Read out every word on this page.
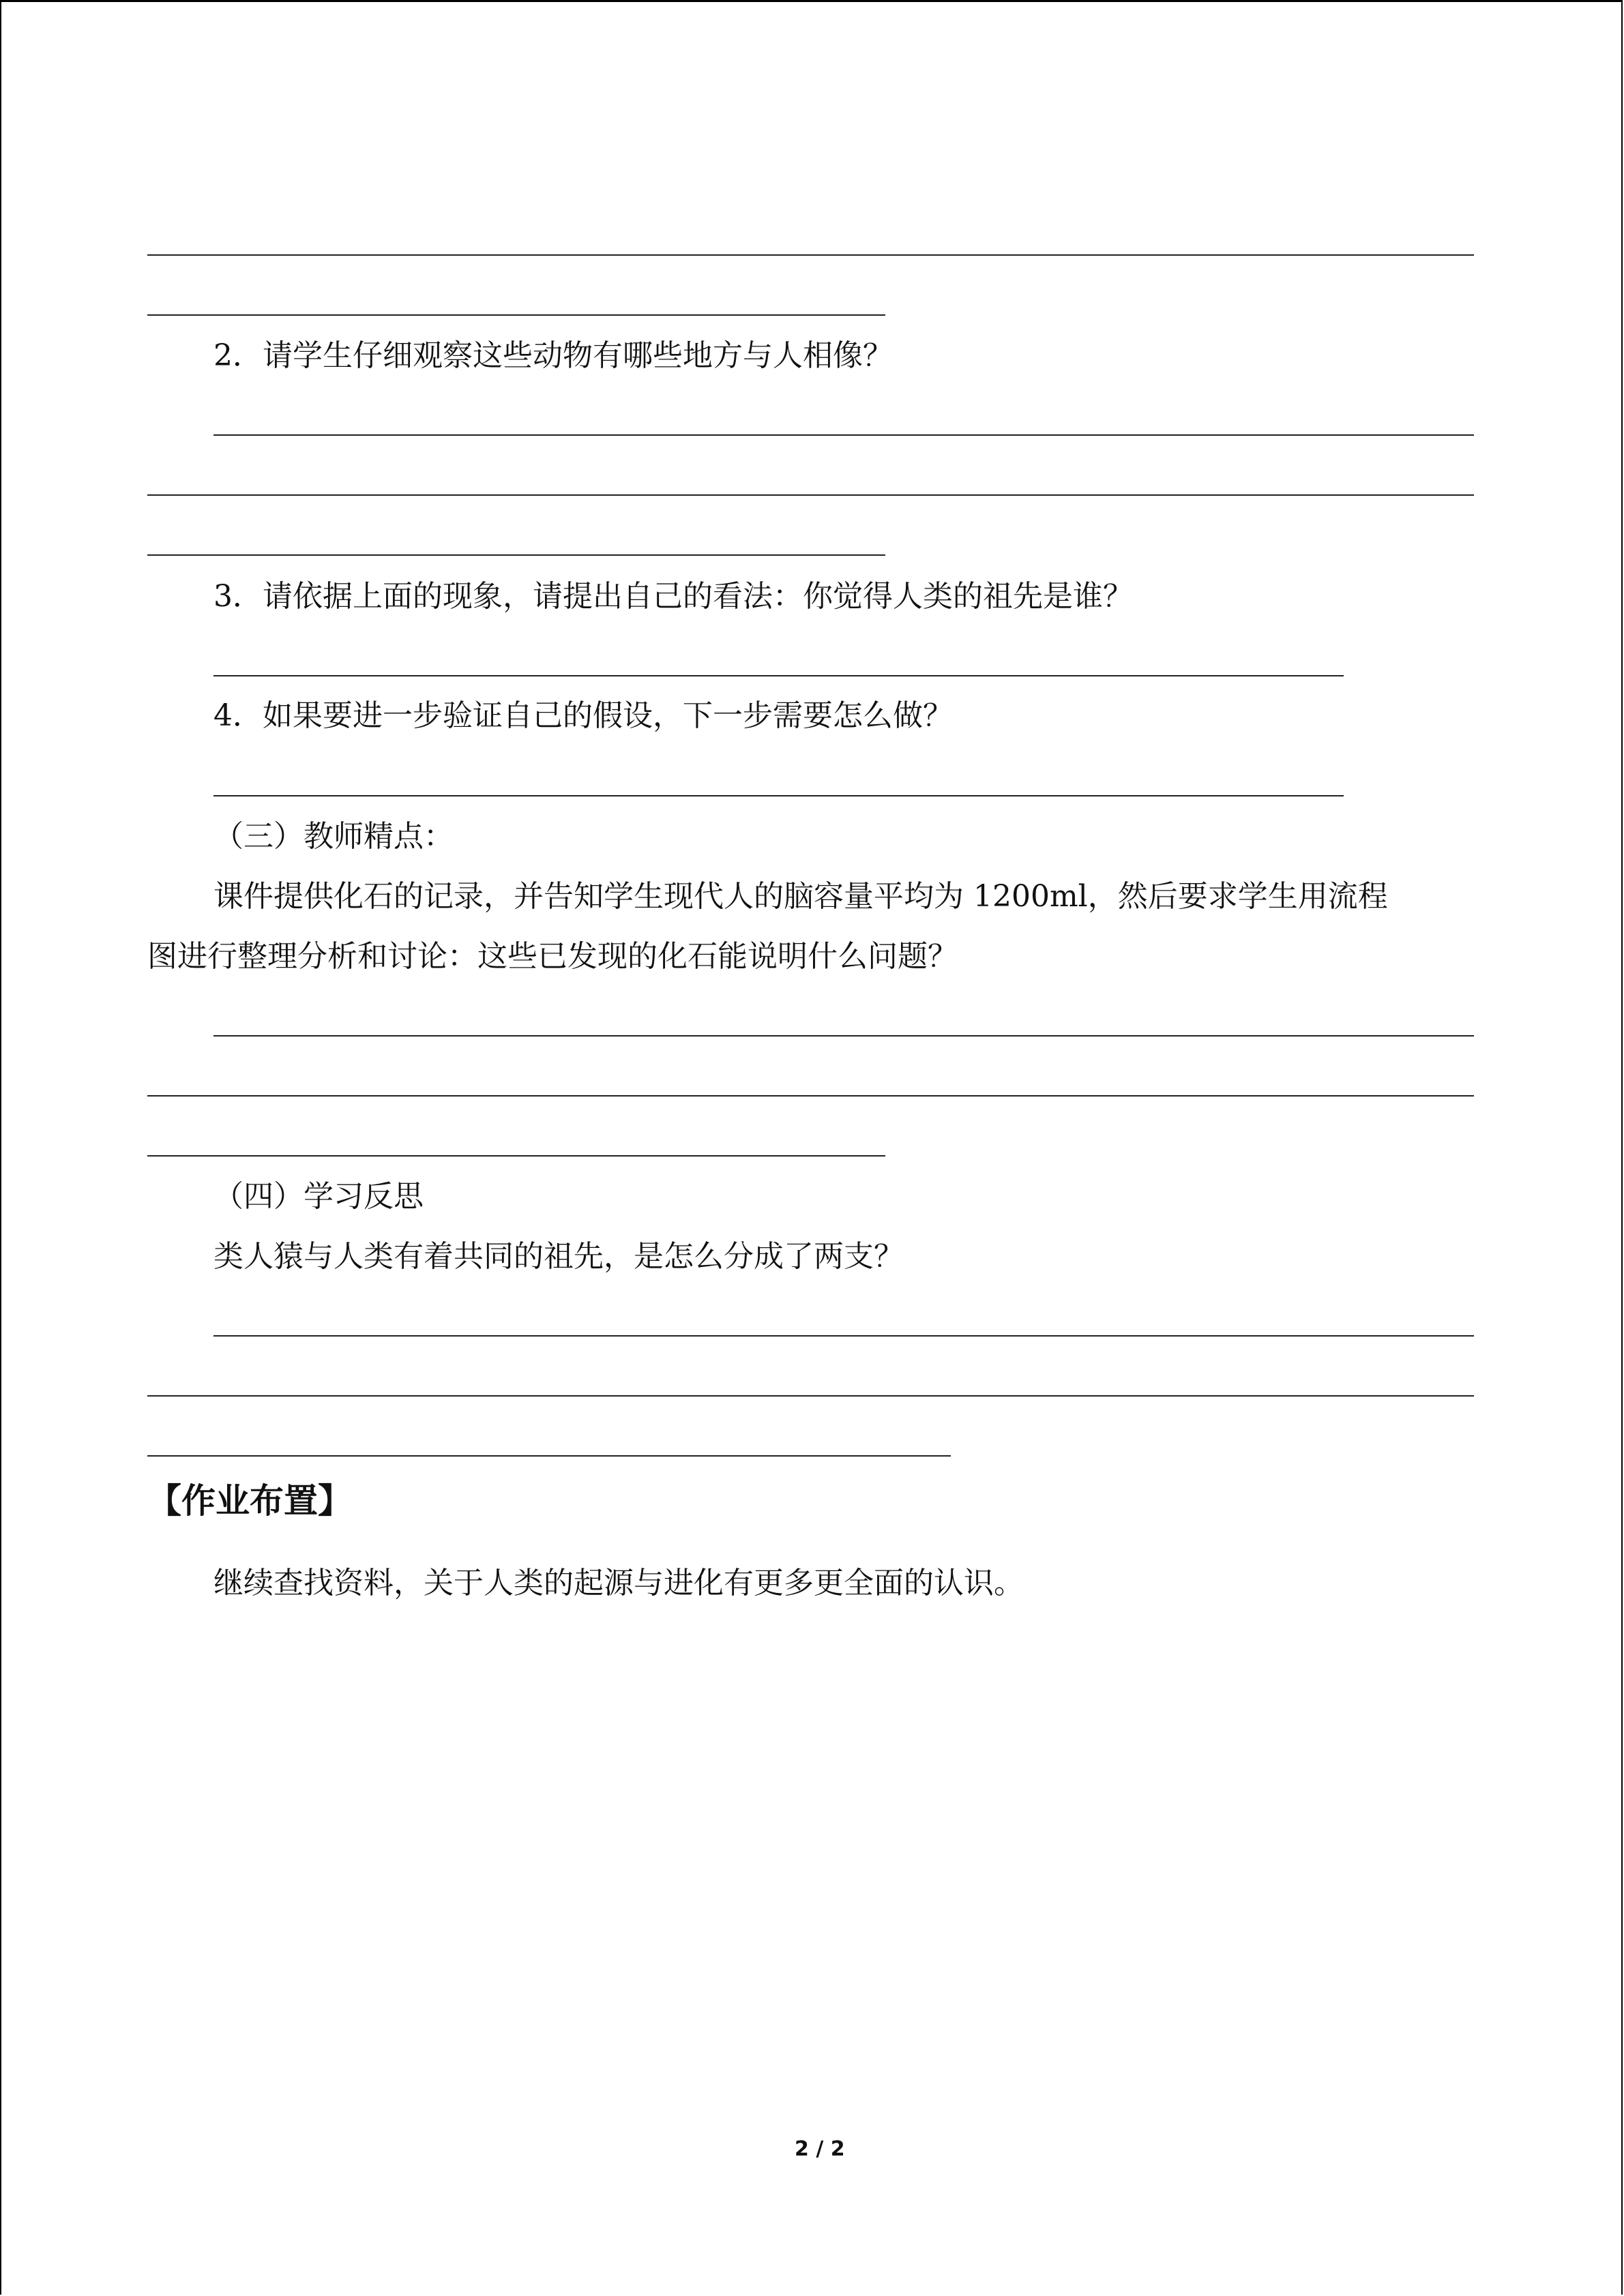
2．请学生仔细观察这些动物有哪些地方与人相像？
3．请依据上面的现象，请提出自己的看法：你觉得人类的祖先是谁？
4．如果要进一步验证自己的假设，下一步需要怎么做？
（三）教师精点：
课件提供化石的记录，并告知学生现代人的脑容量平均为 1200ml，然后要求学生用流程
图进行整理分析和讨论：这些已发现的化石能说明什么问题？
（四）学习反思
类人猿与人类有着共同的祖先，是怎么分成了两支？
【作业布置】
继续查找资料，关于人类的起源与进化有更多更全面的认识。
2 / 2
